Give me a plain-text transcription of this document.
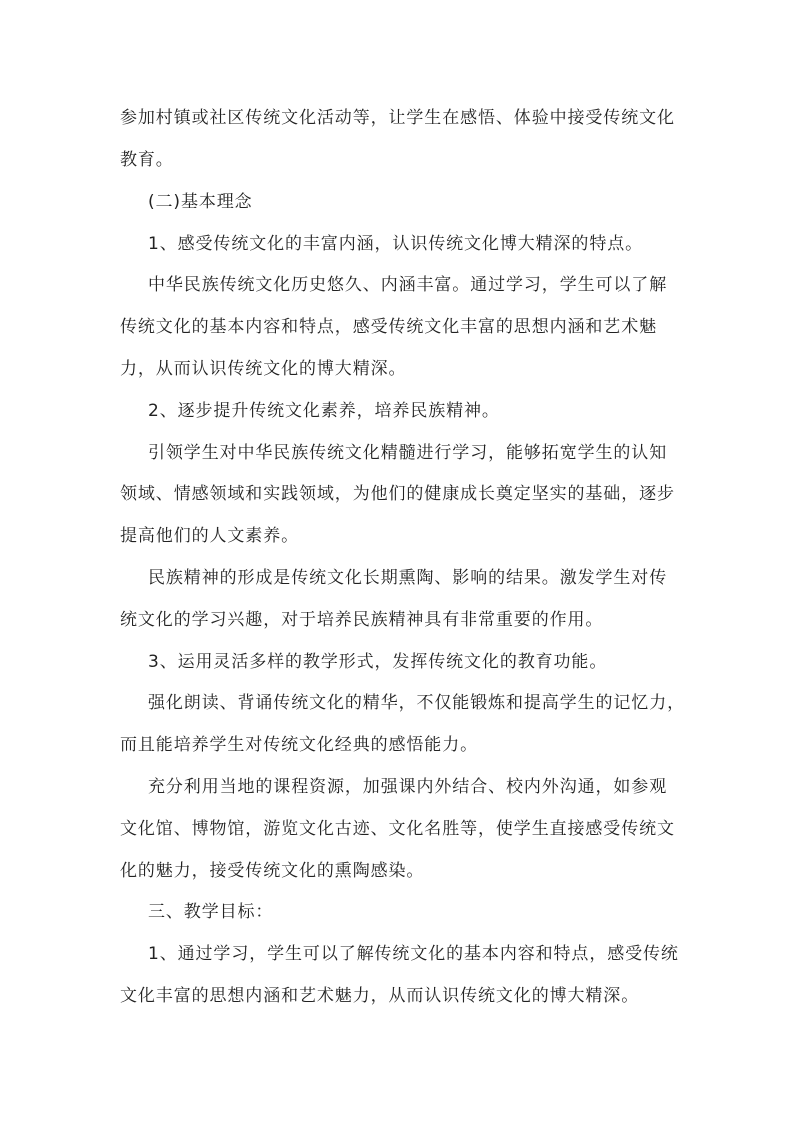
参加村镇或社区传统文化活动等，让学生在感悟、体验中接受传统文化
教育。
(二)基本理念
1、感受传统文化的丰富内涵，认识传统文化博大精深的特点。
中华民族传统文化历史悠久、内涵丰富。通过学习，学生可以了解
传统文化的基本内容和特点，感受传统文化丰富的思想内涵和艺术魅
力，从而认识传统文化的博大精深。
2、逐步提升传统文化素养，培养民族精神。
引领学生对中华民族传统文化精髓进行学习，能够拓宽学生的认知
领域、情感领域和实践领域，为他们的健康成长奠定坚实的基础，逐步
提高他们的人文素养。
民族精神的形成是传统文化长期熏陶、影响的结果。激发学生对传
统文化的学习兴趣，对于培养民族精神具有非常重要的作用。
3、运用灵活多样的教学形式，发挥传统文化的教育功能。
强化朗读、背诵传统文化的精华，不仅能锻炼和提高学生的记忆力，
而且能培养学生对传统文化经典的感悟能力。
充分利用当地的课程资源，加强课内外结合、校内外沟通，如参观
文化馆、博物馆，游览文化古迹、文化名胜等，使学生直接感受传统文
化的魅力，接受传统文化的熏陶感染。
三、教学目标：
1、通过学习，学生可以了解传统文化的基本内容和特点，感受传统
文化丰富的思想内涵和艺术魅力，从而认识传统文化的博大精深。
